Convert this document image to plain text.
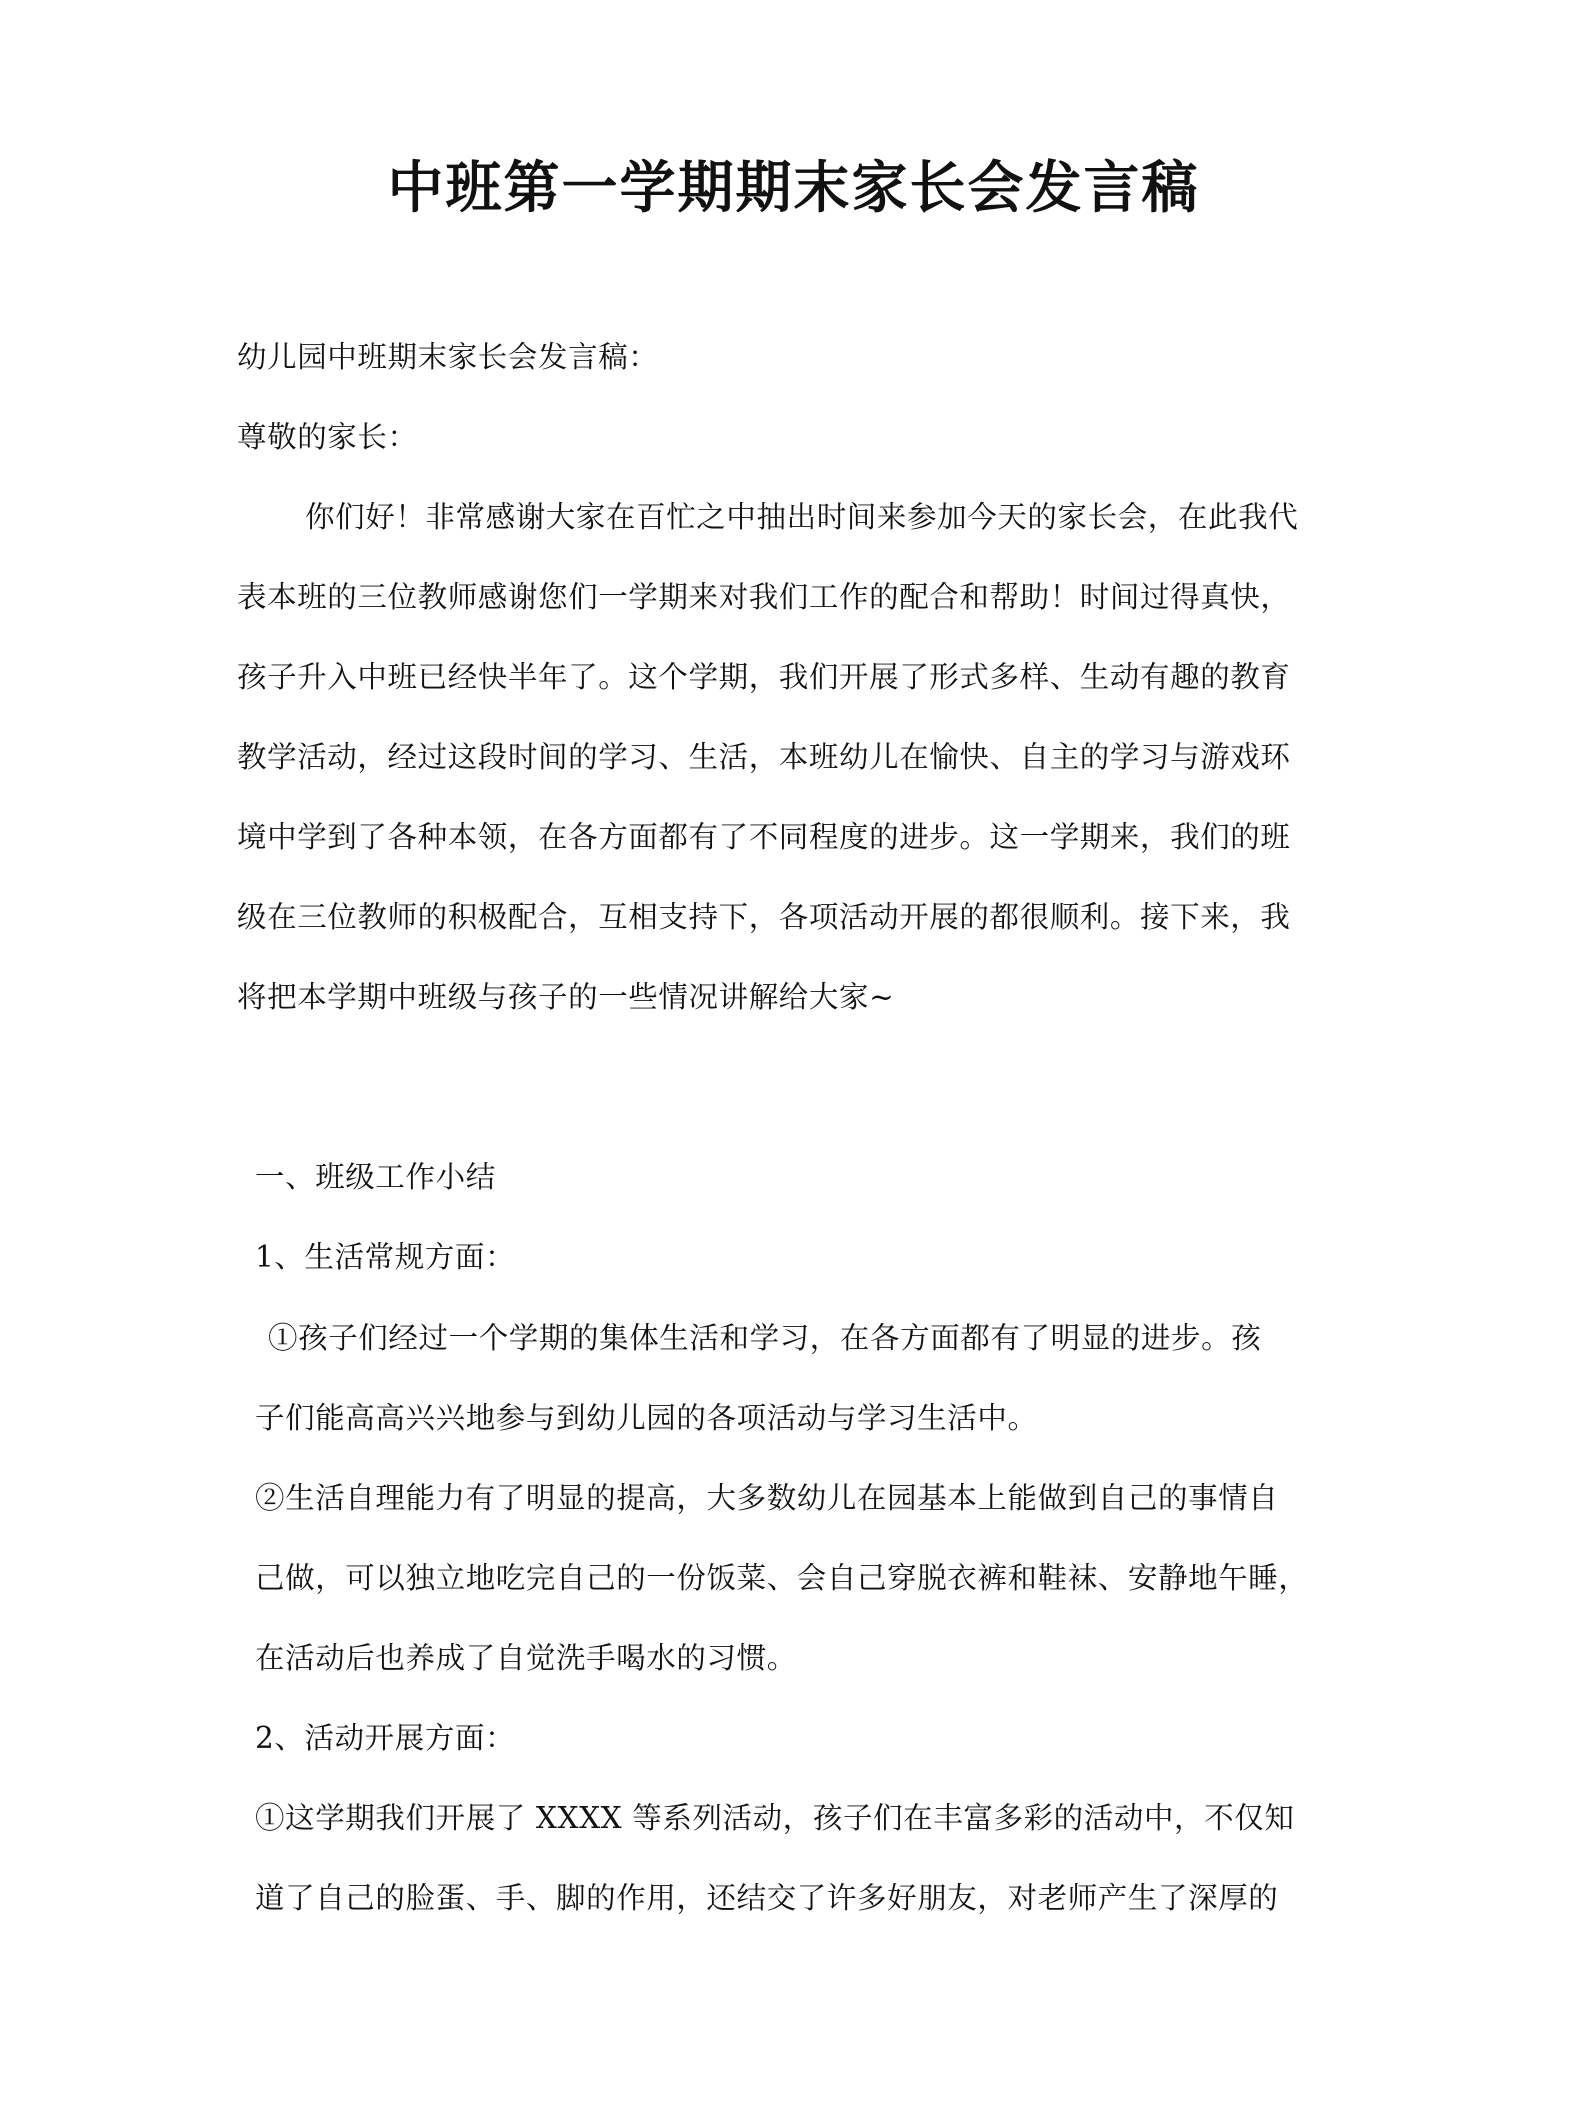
中班第一学期期末家长会发言稿

幼儿园中班期末家长会发言稿：

尊敬的家长：

你们好！非常感谢大家在百忙之中抽出时间来参加今天的家长会，在此我代

表本班的三位教师感谢您们一学期来对我们工作的配合和帮助！时间过得真快，

孩子升入中班已经快半年了。这个学期，我们开展了形式多样、生动有趣的教育

教学活动，经过这段时间的学习、生活，本班幼儿在愉快、自主的学习与游戏环

境中学到了各种本领，在各方面都有了不同程度的进步。这一学期来，我们的班

级在三位教师的积极配合，互相支持下，各项活动开展的都很顺利。接下来，我

将把本学期中班级与孩子的一些情况讲解给大家~

一、班级工作小结

1、生活常规方面：

①孩子们经过一个学期的集体生活和学习，在各方面都有了明显的进步。孩

子们能高高兴兴地参与到幼儿园的各项活动与学习生活中。

②生活自理能力有了明显的提高，大多数幼儿在园基本上能做到自己的事情自

己做，可以独立地吃完自己的一份饭菜、会自己穿脱衣裤和鞋袜、安静地午睡，

在活动后也养成了自觉洗手喝水的习惯。

2、活动开展方面：

①这学期我们开展了 XXXX 等系列活动，孩子们在丰富多彩的活动中，不仅知

道了自己的脸蛋、手、脚的作用，还结交了许多好朋友，对老师产生了深厚的
